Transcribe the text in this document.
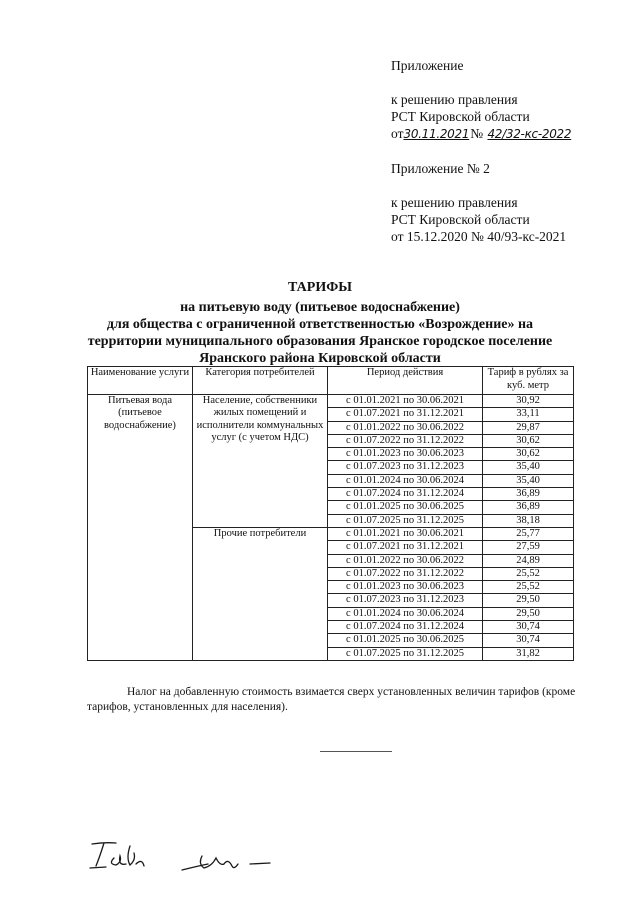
Приложение
к решению правления
РСТ Кировской области
от30.11.2021№ 42/32-кс-2022
Приложение № 2
к решению правления
РСТ Кировской области
от 15.12.2020 № 40/93-кс-2021
ТАРИФЫ
на питьевую воду (питьевое водоснабжение)
для общества с ограниченной ответственностью «Возрождение» на
территории муниципального образования Яранское городское поселение
Яранского района Кировской области
Наименование услуги	Категория потребителей	Период действия	Тариф в рублях за куб. метр
Питьевая вода (питьевое водоснабжение)	Население, собственники жилых помещений и исполнители коммунальных услуг (с учетом НДС)	с 01.01.2021 по 30.06.2021	30,92
		с 01.07.2021 по 31.12.2021	33,11
		с 01.01.2022 по 30.06.2022	29,87
		с 01.07.2022 по 31.12.2022	30,62
		с 01.01.2023 по 30.06.2023	30,62
		с 01.07.2023 по 31.12.2023	35,40
		с 01.01.2024 по 30.06.2024	35,40
		с 01.07.2024 по 31.12.2024	36,89
		с 01.01.2025 по 30.06.2025	36,89
		с 01.07.2025 по 31.12.2025	38,18
	Прочие потребители	с 01.01.2021 по 30.06.2021	25,77
		с 01.07.2021 по 31.12.2021	27,59
		с 01.01.2022 по 30.06.2022	24,89
		с 01.07.2022 по 31.12.2022	25,52
		с 01.01.2023 по 30.06.2023	25,52
		с 01.07.2023 по 31.12.2023	29,50
		с 01.01.2024 по 30.06.2024	29,50
		с 01.07.2024 по 31.12.2024	30,74
		с 01.01.2025 по 30.06.2025	30,74
		с 01.07.2025 по 31.12.2025	31,82
Налог на добавленную стоимость взимается сверх установленных величин тарифов (кроме тарифов, установленных для населения).
